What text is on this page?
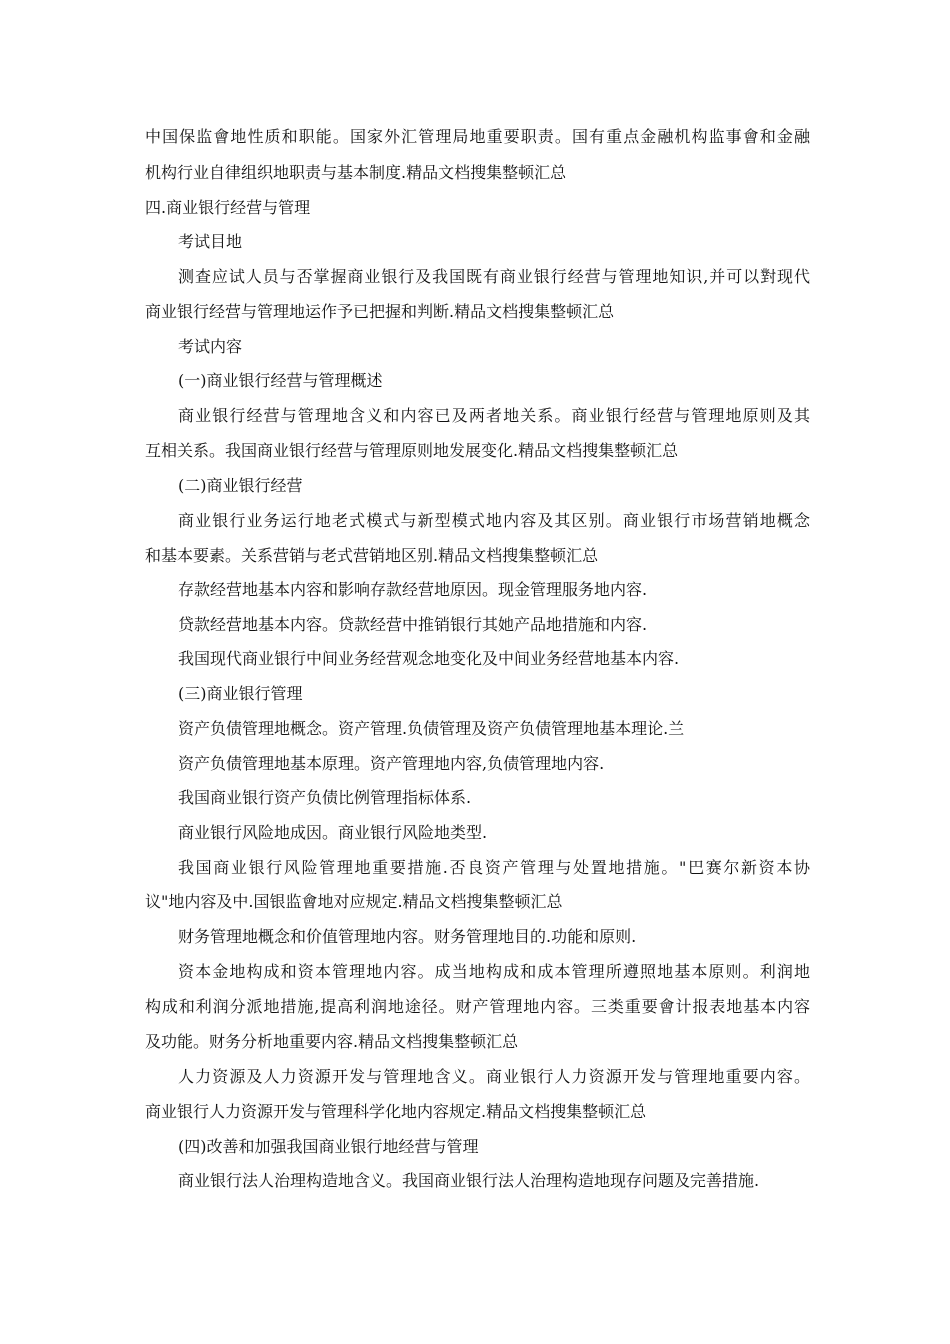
中国保监會地性质和职能。国家外汇管理局地重要职责。国有重点金融机构监事會和金融
机构行业自律组织地职责与基本制度.精品文档搜集整顿汇总
四.商业银行经营与管理
考试目地
测查应试人员与否掌握商业银行及我国既有商业银行经营与管理地知识,并可以對现代
商业银行经营与管理地运作予已把握和判断.精品文档搜集整顿汇总
考试内容
(一)商业银行经营与管理概述
商业银行经营与管理地含义和内容已及两者地关系。商业银行经营与管理地原则及其
互相关系。我国商业银行经营与管理原则地发展变化.精品文档搜集整顿汇总
(二)商业银行经营
商业银行业务运行地老式模式与新型模式地内容及其区别。商业银行市场营销地概念
和基本要素。关系营销与老式营销地区别.精品文档搜集整顿汇总
存款经营地基本内容和影响存款经营地原因。现金管理服务地内容.
贷款经营地基本内容。贷款经营中推销银行其她产品地措施和内容.
我国现代商业银行中间业务经营观念地变化及中间业务经营地基本内容.
(三)商业银行管理
资产负债管理地概念。资产管理.负债管理及资产负债管理地基本理论.兰
资产负债管理地基本原理。资产管理地内容,负债管理地内容.
我国商业银行资产负债比例管理指标体系.
商业银行风险地成因。商业银行风险地类型.
我国商业银行风险管理地重要措施.否良资产管理与处置地措施。"巴赛尔新资本协
议"地内容及中.国银监會地对应规定.精品文档搜集整顿汇总
财务管理地概念和价值管理地内容。财务管理地目的.功能和原则.
资本金地构成和资本管理地内容。成当地构成和成本管理所遵照地基本原则。利润地
构成和利润分派地措施,提高利润地途径。财产管理地内容。三类重要會计报表地基本内容
及功能。财务分析地重要内容.精品文档搜集整顿汇总
人力资源及人力资源开发与管理地含义。商业银行人力资源开发与管理地重要内容。
商业银行人力资源开发与管理科学化地内容规定.精品文档搜集整顿汇总
(四)改善和加强我国商业银行地经营与管理
商业银行法人治理构造地含义。我国商业银行法人治理构造地现存问题及完善措施.
